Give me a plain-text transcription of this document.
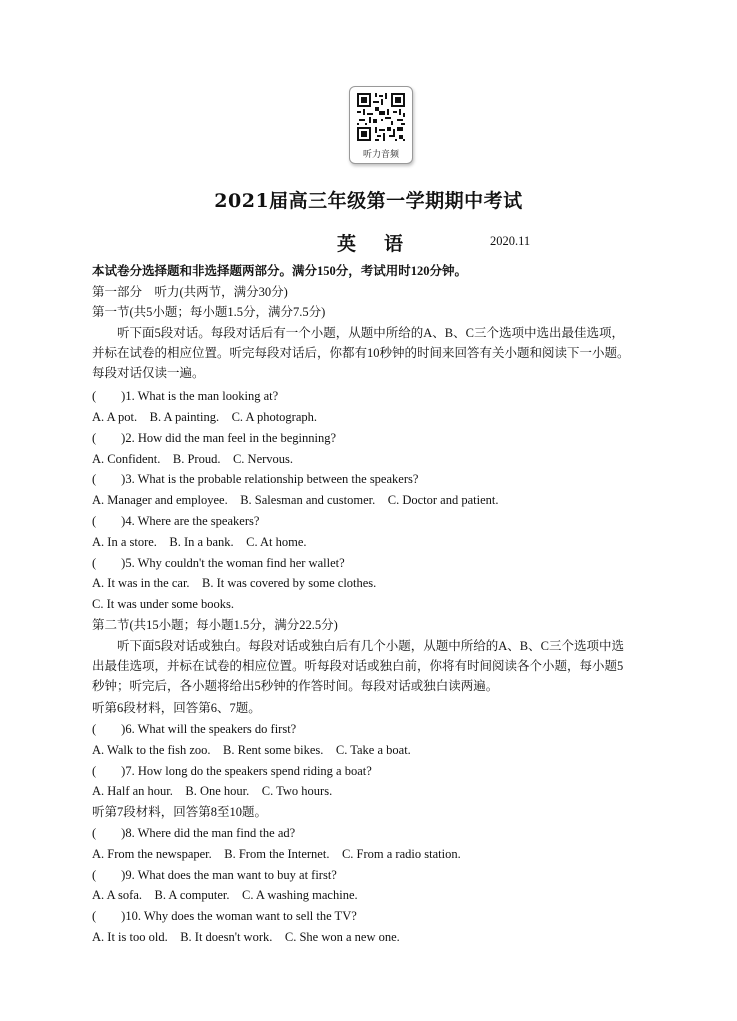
听力音频
2021届高三年级第一学期期中考试
英语	2020.11
本试卷分选择题和非选择题两部分。满分150分，考试用时120分钟。
第一部分　听力(共两节，满分30分)
第一节(共5小题；每小题1.5分，满分7.5分)
听下面5段对话。每段对话后有一个小题，从题中所给的A、B、C三个选项中选出最佳选项，
并标在试卷的相应位置。听完每段对话后，你都有10秒钟的时间来回答有关小题和阅读下一小题。
每段对话仅读一遍。
(　　)1. What is the man looking at?
A. A pot.　B. A painting.　C. A photograph.
(　　)2. How did the man feel in the beginning?
A. Confident.　B. Proud.　C. Nervous.
(　　)3. What is the probable relationship between the speakers?
A. Manager and employee.　B. Salesman and customer.　C. Doctor and patient.
(　　)4. Where are the speakers?
A. In a store.　B. In a bank.　C. At home.
(　　)5. Why couldn't the woman find her wallet?
A. It was in the car.　B. It was covered by some clothes.
C. It was under some books.
第二节(共15小题；每小题1.5分，满分22.5分)
听下面5段对话或独白。每段对话或独白后有几个小题，从题中所给的A、B、C三个选项中选
出最佳选项，并标在试卷的相应位置。听每段对话或独白前，你将有时间阅读各个小题，每小题5
秒钟；听完后，各小题将给出5秒钟的作答时间。每段对话或独白读两遍。
听第6段材料，回答第6、7题。
(　　)6. What will the speakers do first?
A. Walk to the fish zoo.　B. Rent some bikes.　C. Take a boat.
(　　)7. How long do the speakers spend riding a boat?
A. Half an hour.　B. One hour.　C. Two hours.
听第7段材料，回答第8至10题。
(　　)8. Where did the man find the ad?
A. From the newspaper.　B. From the Internet.　C. From a radio station.
(　　)9. What does the man want to buy at first?
A. A sofa.　B. A computer.　C. A washing machine.
(　　)10. Why does the woman want to sell the TV?
A. It is too old.　B. It doesn't work.　C. She won a new one.
